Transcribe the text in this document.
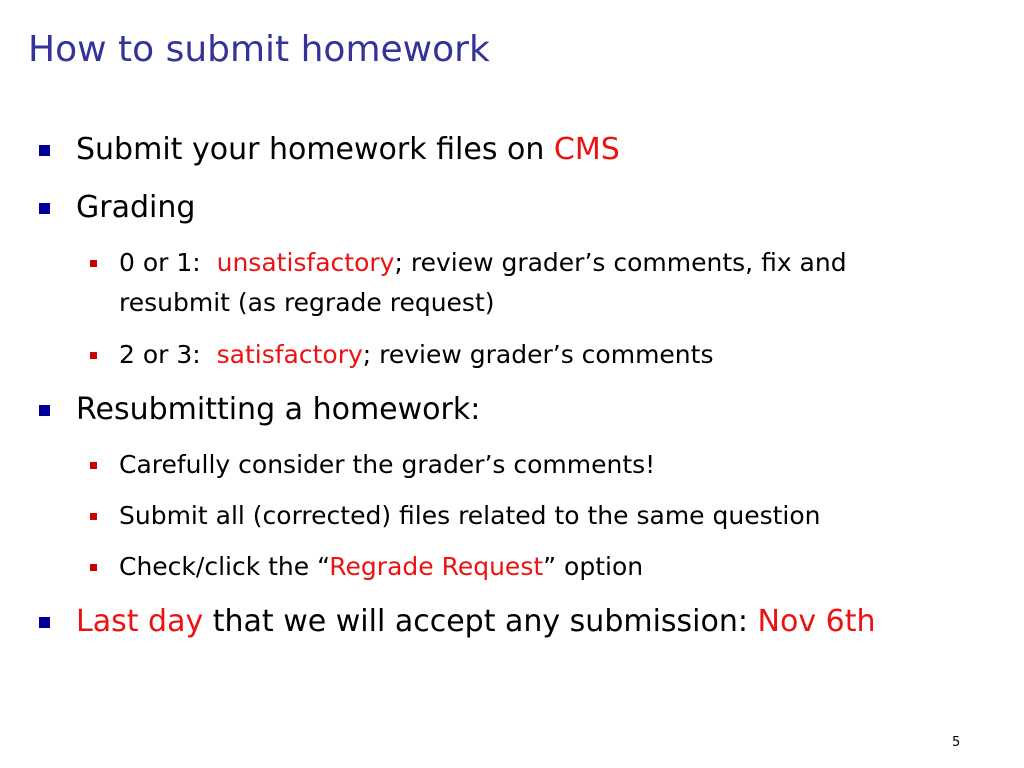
How to submit homework
Submit your homework files on CMS
Grading
0 or 1:  unsatisfactory; review grader’s comments, fix and
resubmit (as regrade request)
2 or 3:  satisfactory; review grader’s comments
Resubmitting a homework:
Carefully consider the grader’s comments!
Submit all (corrected) files related to the same question
Check/click the “Regrade Request” option
Last day that we will accept any submission: Nov 6th
5
